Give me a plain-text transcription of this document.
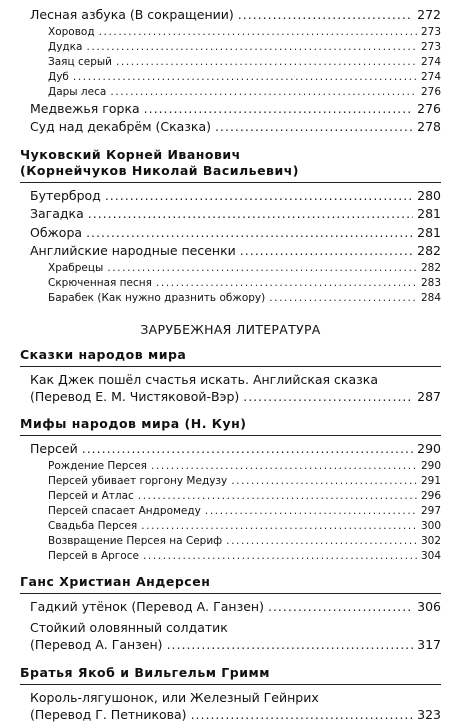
Лесная азбука (В сокращении) .....	272
Хоровод .....	273
Дудка .....	273
Заяц серый .....	274
Дуб .....	274
Дары леса .....	276
Медвежья горка .....	276
Суд над декабрём (Сказка) .....	278
Чуковский Корней Иванович
(Корнейчуков Николай Васильевич)
Бутерброд .....	280
Загадка .....	281
Обжора .....	281
Английские народные песенки .....	282
Храбрецы .....	282
Скрюченная песня .....	283
Барабек (Как нужно дразнить обжору) .....	284
ЗАРУБЕЖНАЯ ЛИТЕРАТУРА
Сказки народов мира
Как Джек пошёл счастья искать. Английская сказка
(Перевод Е. М. Чистяковой-Вэр) .....	287
Мифы народов мира (Н. Кун)
Персей .....	290
Рождение Персея .....	290
Персей убивает горгону Медузу .....	291
Персей и Атлас .....	296
Персей спасает Андромеду .....	297
Свадьба Персея .....	300
Возвращение Персея на Сериф .....	302
Персей в Аргосе .....	304
Ганс Христиан Андерсен
Гадкий утёнок (Перевод А. Ганзен) .....	306
Стойкий оловянный солдатик
(Перевод А. Ганзен) .....	317
Братья Якоб и Вильгельм Гримм
Король-лягушонок, или Железный Гейнрих
(Перевод Г. Петникова) .....	323
